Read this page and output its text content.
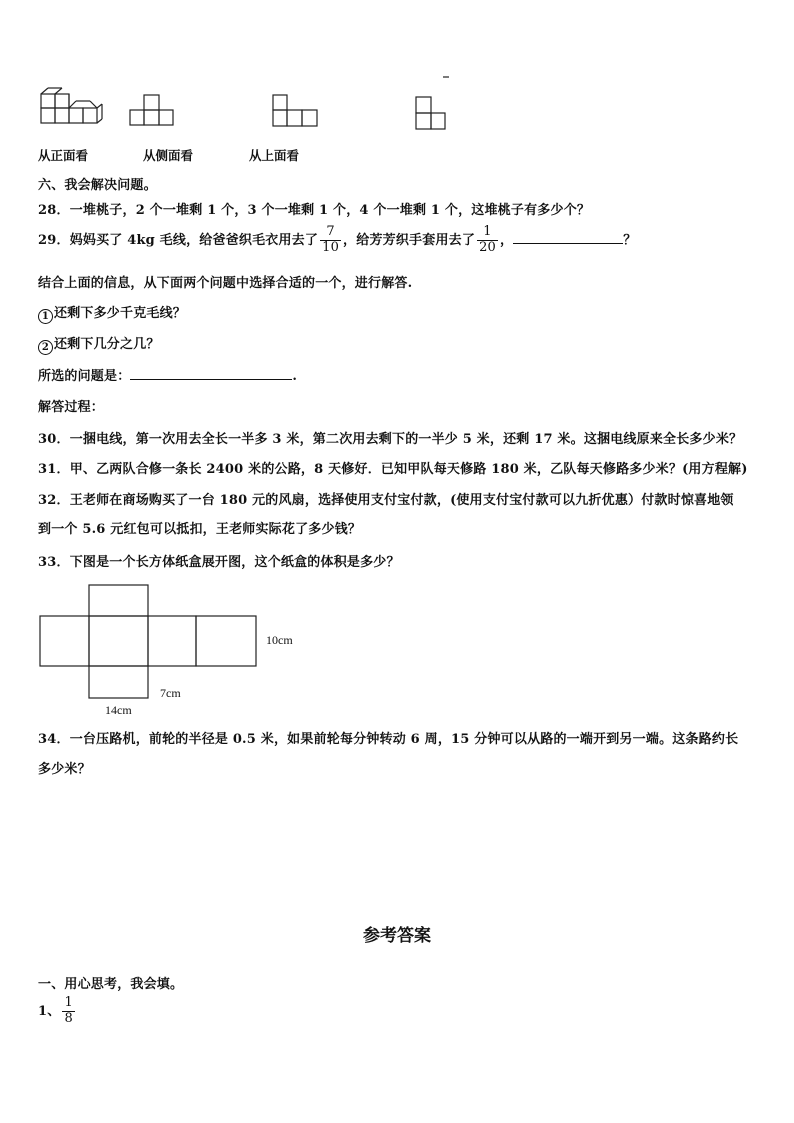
从正面看	从侧面看	从上面看
六、我会解决问题。
28．一堆桃子，2 个一堆剩 1 个，3 个一堆剩 1 个，4 个一堆剩 1 个，这堆桃子有多少个？
29．妈妈买了 4kg 毛线，给爸爸织毛衣用去了 $\frac{7}{10}$ ，给芳芳织手套用去了 $\frac{1}{20}$ ，	？
结合上面的信息，从下面两个问题中选择合适的一个，进行解答.
1 还剩下多少千克毛线？
2 还剩下几分之几？
所选的问题是：	.
解答过程：
30．一捆电线，第一次用去全长一半多 3 米，第二次用去剩下的一半少 5 米，还剩 17 米。这捆电线原来全长多少米？
31．甲、乙两队合修一条长 2400 米的公路，8 天修好．已知甲队每天修路 180 米，乙队每天修路多少米？(用方程解)
32．王老师在商场购买了一台 180 元的风扇，选择使用支付宝付款，(使用支付宝付款可以九折优惠）付款时惊喜地领
到一个 5.6 元红包可以抵扣，王老师实际花了多少钱？
33．下图是一个长方体纸盒展开图，这个纸盒的体积是多少？
10cm
7cm
14cm
34．一台压路机，前轮的半径是 0.5 米，如果前轮每分钟转动 6 周，15 分钟可以从路的一端开到另一端。这条路约长
多少米？
参考答案
一、用心思考，我会填。
1、 $\frac{1}{8}$
